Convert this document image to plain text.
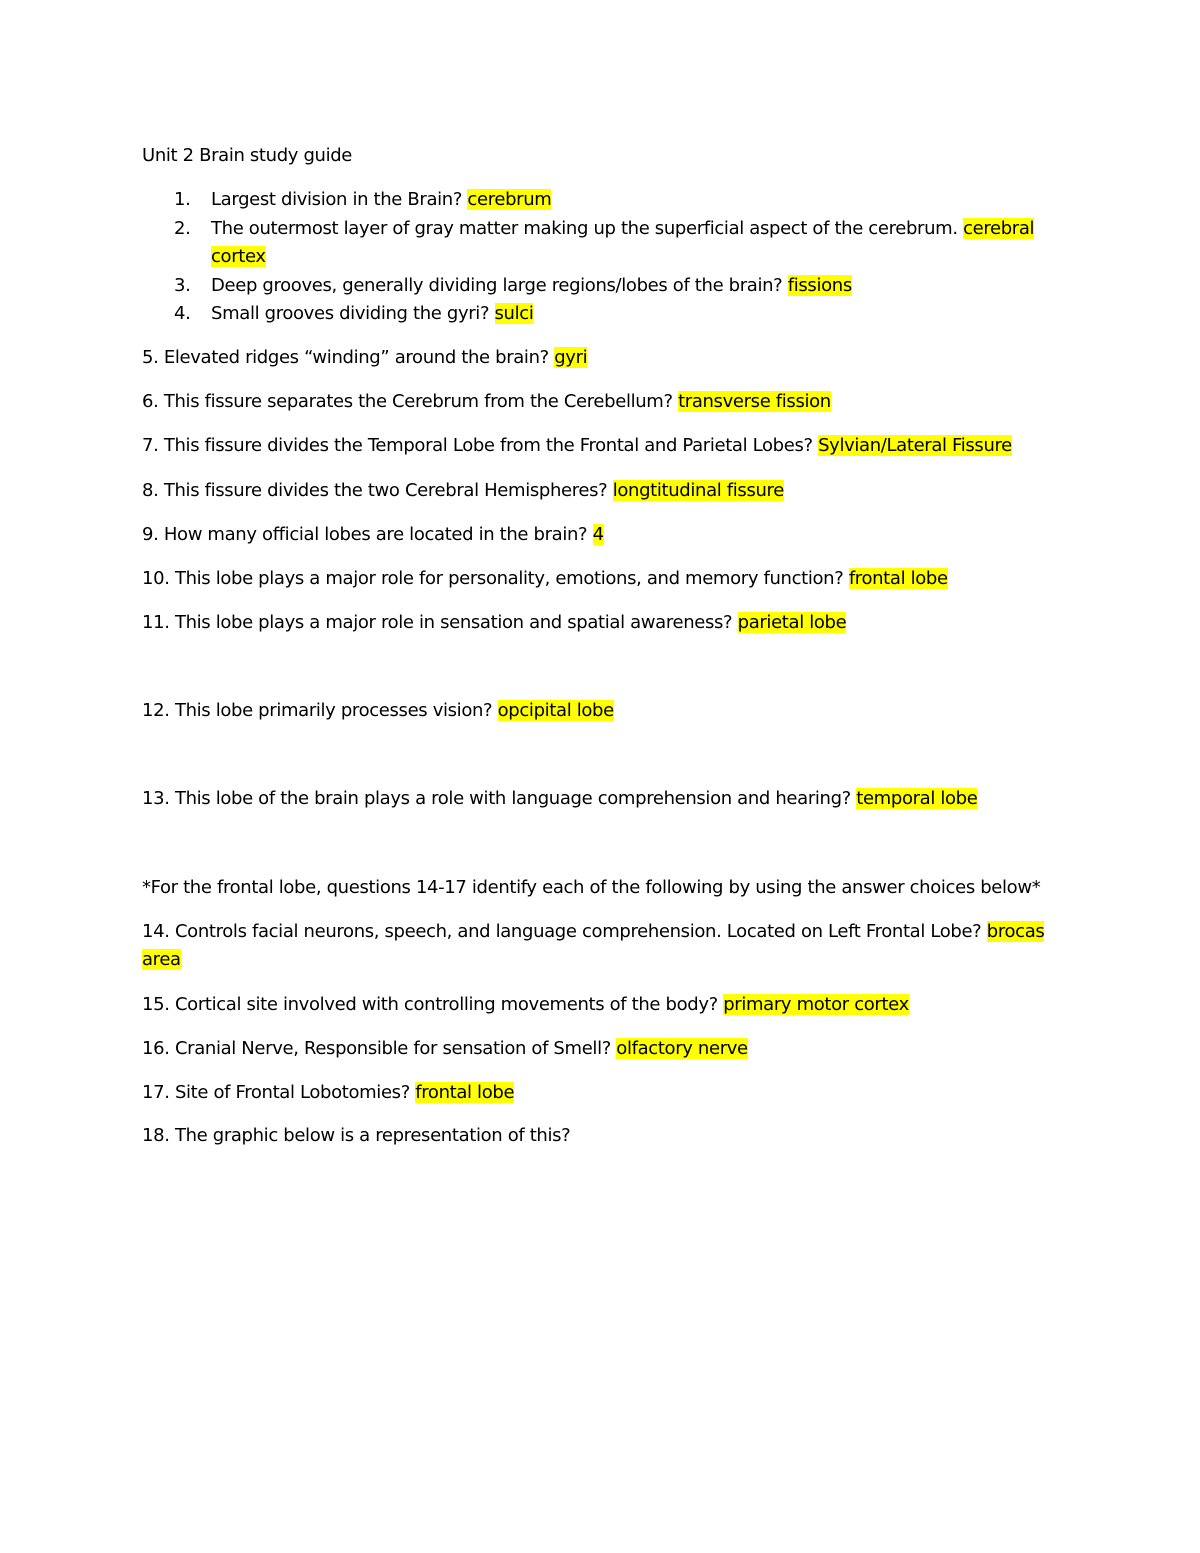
Unit 2 Brain study guide
1. Largest division in the Brain? cerebrum
2. The outermost layer of gray matter making up the superficial aspect of the cerebrum. cerebral
cortex
3. Deep grooves, generally dividing large regions/lobes of the brain? fissions
4. Small grooves dividing the gyri? sulci
5. Elevated ridges “winding” around the brain? gyri
6. This fissure separates the Cerebrum from the Cerebellum? transverse fission
7. This fissure divides the Temporal Lobe from the Frontal and Parietal Lobes? Sylvian/Lateral Fissure
8. This fissure divides the two Cerebral Hemispheres? longtitudinal fissure
9. How many official lobes are located in the brain? 4
10. This lobe plays a major role for personality, emotions, and memory function? frontal lobe
11. This lobe plays a major role in sensation and spatial awareness? parietal lobe
12. This lobe primarily processes vision? opcipital lobe
13. This lobe of the brain plays a role with language comprehension and hearing? temporal lobe
*For the frontal lobe, questions 14-17 identify each of the following by using the answer choices below*
14. Controls facial neurons, speech, and language comprehension. Located on Left Frontal Lobe? brocas
area
15. Cortical site involved with controlling movements of the body? primary motor cortex
16. Cranial Nerve, Responsible for sensation of Smell? olfactory nerve
17. Site of Frontal Lobotomies? frontal lobe
18. The graphic below is a representation of this?
